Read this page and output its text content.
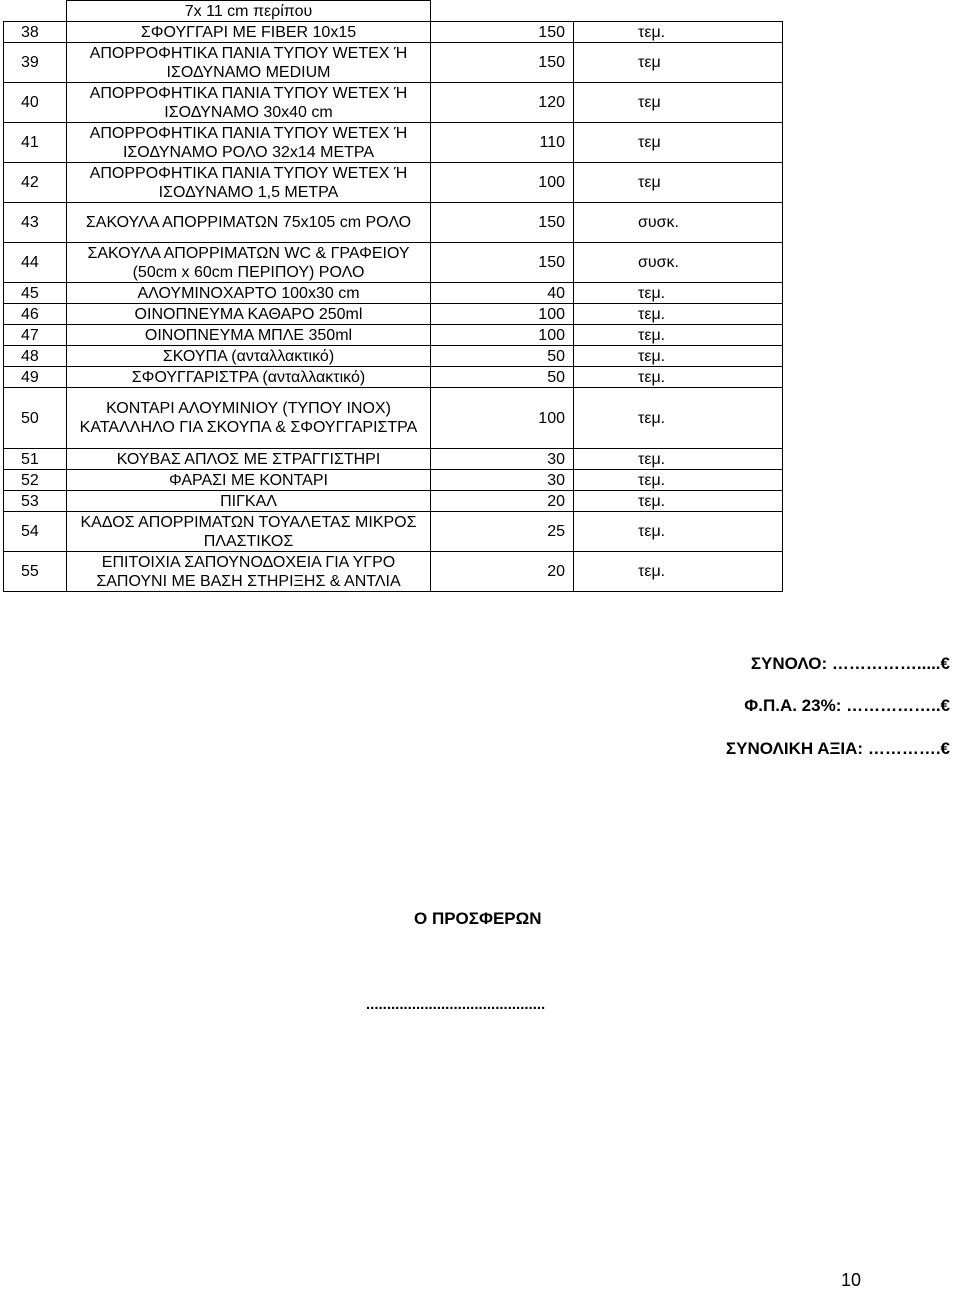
	7x 11 cm περίπου		
38	ΣΦΟΥΓΓΑΡΙ ΜΕ FIBER 10x15	150	τεμ.
39	ΑΠΟΡΡΟΦΗΤΙΚΑ ΠΑΝΙΑ ΤΥΠΟΥ WETEX Ή ΙΣΟΔΥΝΑΜΟ MEDIUM	150	τεμ
40	ΑΠΟΡΡΟΦΗΤΙΚΑ ΠΑΝΙΑ ΤΥΠΟΥ WETEX Ή ΙΣΟΔΥΝΑΜΟ 30x40 cm	120	τεμ
41	ΑΠΟΡΡΟΦΗΤΙΚΑ ΠΑΝΙΑ ΤΥΠΟΥ WETEX Ή ΙΣΟΔΥΝΑΜΟ ΡΟΛΟ 32x14 ΜΕΤΡΑ	110	τεμ
42	ΑΠΟΡΡΟΦΗΤΙΚΑ ΠΑΝΙΑ ΤΥΠΟΥ WETEX Ή ΙΣΟΔΥΝΑΜΟ 1,5 ΜΕΤΡΑ	100	τεμ
43	ΣΑΚΟΥΛΑ ΑΠΟΡΡΙΜΑΤΩΝ 75x105 cm ΡΟΛΟ	150	συσκ.
44	ΣΑΚΟΥΛΑ ΑΠΟΡΡΙΜΑΤΩΝ WC & ΓΡΑΦΕΙΟΥ (50cm x 60cm ΠΕΡΙΠΟΥ) ΡΟΛΟ	150	συσκ.
45	ΑΛΟΥΜΙΝΟΧΑΡΤΟ 100x30 cm	40	τεμ.
46	ΟΙΝΟΠΝΕΥΜΑ ΚΑΘΑΡΟ 250ml	100	τεμ.
47	ΟΙΝΟΠΝΕΥΜΑ ΜΠΛΕ 350ml	100	τεμ.
48	ΣΚΟΥΠΑ (ανταλλακτικό)	50	τεμ.
49	ΣΦΟΥΓΓΑΡΙΣΤΡΑ (ανταλλακτικό)	50	τεμ.
50	ΚΟΝΤΑΡΙ ΑΛΟΥΜΙΝΙΟΥ (ΤΥΠΟΥ INOX) ΚΑΤΑΛΛΗΛΟ ΓΙΑ ΣΚΟΥΠΑ & ΣΦΟΥΓΓΑΡΙΣΤΡΑ	100	τεμ.
51	ΚΟΥΒΑΣ ΑΠΛΟΣ ΜΕ ΣΤΡΑΓΓΙΣΤΗΡΙ	30	τεμ.
52	ΦΑΡΑΣΙ ΜΕ ΚΟΝΤΑΡΙ	30	τεμ.
53	ΠΙΓΚΑΛ	20	τεμ.
54	ΚΑΔΟΣ ΑΠΟΡΡΙΜΑΤΩΝ ΤΟΥΑΛΕΤΑΣ ΜΙΚΡΟΣ ΠΛΑΣΤΙΚΟΣ	25	τεμ.
55	ΕΠΙΤΟΙΧΙΑ ΣΑΠΟΥΝΟΔΟΧΕΙΑ ΓΙΑ ΥΓΡΟ ΣΑΠΟΥΝΙ ΜΕ ΒΑΣΗ ΣΤΗΡΙΞΗΣ & ΑΝΤΛΙΑ	20	τεμ.
ΣΥΝΟΛΟ: …………….....€
Φ.Π.Α. 23%: ……………..€
ΣΥΝΟΛΙΚΗ ΑΞΙΑ: ………….€
Ο ΠΡΟΣΦΕΡΩΝ
...........................................
10
